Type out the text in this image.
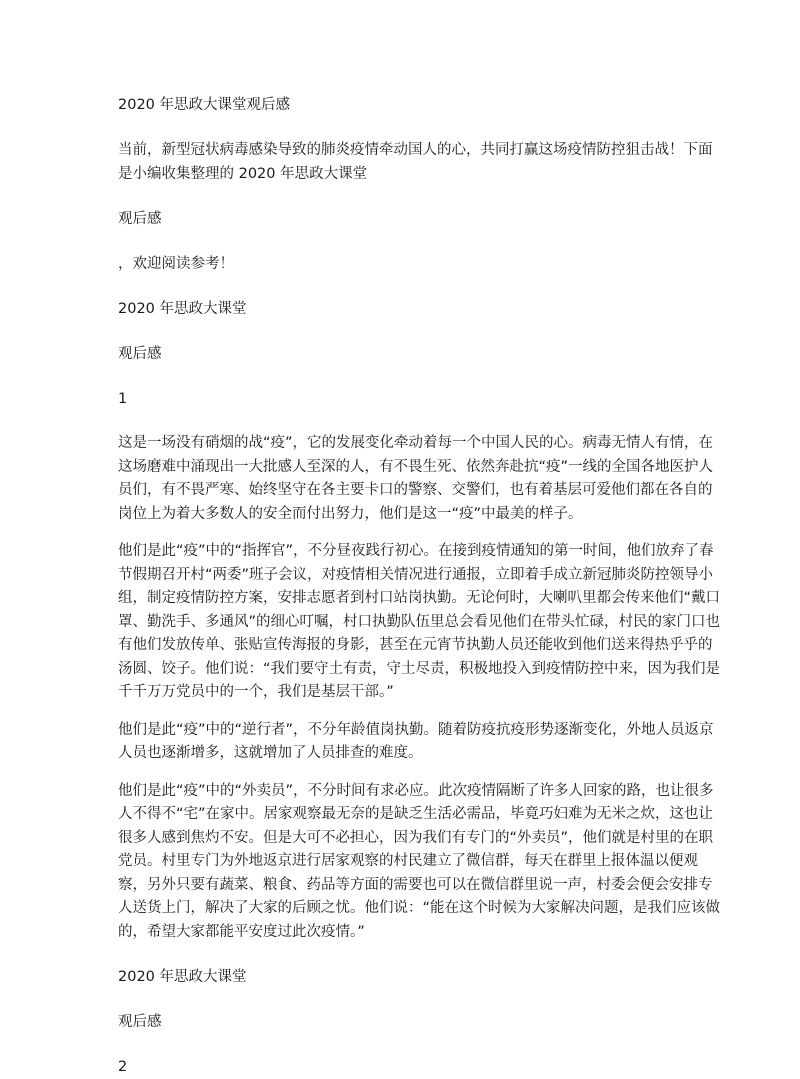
2020 年思政大课堂观后感

当前，新型冠状病毒感染导致的肺炎疫情牵动国人的心，共同打赢这场疫情防控狙击战！下面是小编收集整理的 2020 年思政大课堂

观后感

，欢迎阅读参考！

2020 年思政大课堂

观后感

1

这是一场没有硝烟的战“疫”，它的发展变化牵动着每一个中国人民的心。病毒无情人有情，在这场磨难中涌现出一大批感人至深的人，有不畏生死、依然奔赴抗“疫”一线的全国各地医护人员们，有不畏严寒、始终坚守在各主要卡口的警察、交警们，也有着基层可爱他们都在各自的岗位上为着大多数人的安全而付出努力，他们是这一“疫”中最美的样子。

他们是此“疫”中的“指挥官”，不分昼夜践行初心。在接到疫情通知的第一时间，他们放弃了春节假期召开村“两委”班子会议，对疫情相关情况进行通报，立即着手成立新冠肺炎防控领导小组，制定疫情防控方案，安排志愿者到村口站岗执勤。无论何时，大喇叭里都会传来他们“戴口罩、勤洗手、多通风”的细心叮嘱，村口执勤队伍里总会看见他们在带头忙碌，村民的家门口也有他们发放传单、张贴宣传海报的身影，甚至在元宵节执勤人员还能收到他们送来得热乎乎的汤圆、饺子。他们说：“我们要守土有责，守土尽责，积极地投入到疫情防控中来，因为我们是千千万万党员中的一个，我们是基层干部。”

他们是此“疫”中的“逆行者”，不分年龄值岗执勤。随着防疫抗疫形势逐渐变化，外地人员返京人员也逐渐增多，这就增加了人员排查的难度。

他们是此“疫”中的“外卖员”，不分时间有求必应。此次疫情隔断了许多人回家的路，也让很多人不得不“宅”在家中。居家观察最无奈的是缺乏生活必需品，毕竟巧妇难为无米之炊，这也让很多人感到焦灼不安。但是大可不必担心，因为我们有专门的“外卖员”，他们就是村里的在职党员。村里专门为外地返京进行居家观察的村民建立了微信群，每天在群里上报体温以便观察，另外只要有蔬菜、粮食、药品等方面的需要也可以在微信群里说一声，村委会便会安排专人送货上门，解决了大家的后顾之忧。他们说：“能在这个时候为大家解决问题，是我们应该做的，希望大家都能平安度过此次疫情。”

2020 年思政大课堂

观后感

2
